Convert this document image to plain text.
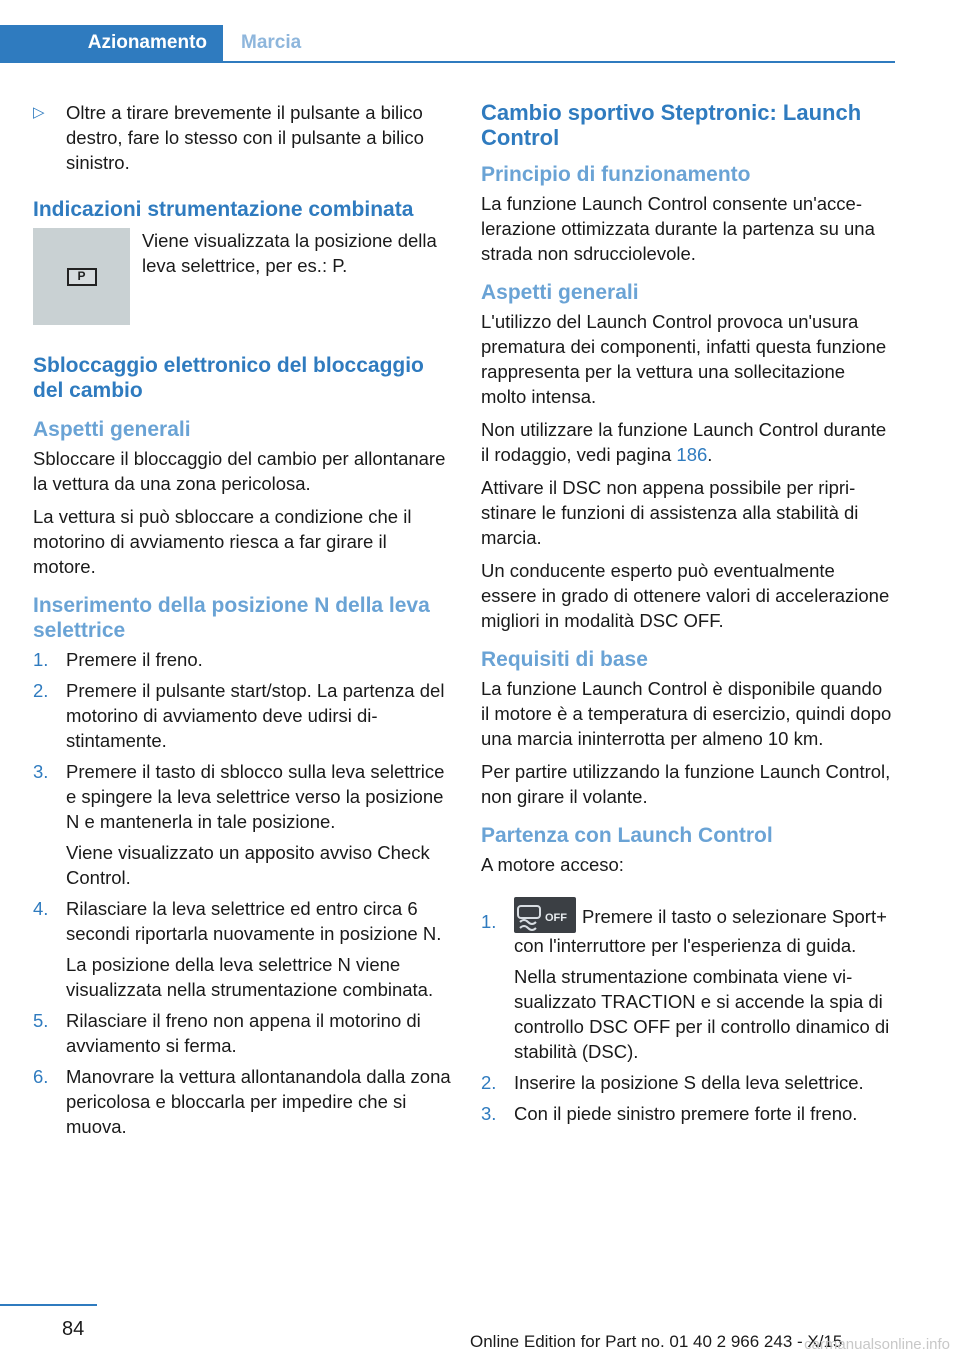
Azionamento Marcia
▷ Oltre a tirare brevemente il pulsante a bilico destro, fare lo stesso con il pulsante a bilico sinistro.
Indicazioni strumentazione combinata
P
Viene visualizzata la posizione della leva selettrice, per es.: P.
Sbloccaggio elettronico del bloccaggio del cambio
Aspetti generali

Sbloccare il bloccaggio del cambio per allontanare la vettura da una zona pericolosa.

La vettura si può sbloccare a condizione che il motorino di avviamento riesca a far girare il motore.

Inserimento della posizione N della leva selettrice
1. Premere il freno.

2. Premere il pulsante start/stop. La partenza del motorino di avviamento deve udirsi distintamente.

3. Premere il tasto di sblocco sulla leva selettrice e spingere la leva selettrice verso la posizione N e mantenerla in tale posizione.

Viene visualizzato un apposito avviso Check Control.

4. Rilasciare la leva selettrice ed entro circa 6 secondi riportarla nuovamente in posizione N.

La posizione della leva selettrice N viene visualizzata nella strumentazione combinata.

5. Rilasciare il freno non appena il motorino di avviamento si ferma.

6. Manovrare la vettura allontanandola dalla zona pericolosa e bloccarla per impedire che si muova.

Cambio sportivo Steptronic: Launch Control
Principio di funzionamento

La funzione Launch Control consente un'accelerazione ottimizzata durante la partenza su una strada non sdrucciolevole.

Aspetti generali

L'utilizzo del Launch Control provoca un'usura prematura dei componenti, infatti questa funzione rappresenta per la vettura una sollecitazione molto intensa.

Non utilizzare la funzione Launch Control durante il rodaggio, vedi pagina 186.

Attivare il DSC non appena possibile per ripristinare le funzioni di assistenza alla stabilità di marcia.

Un conducente esperto può eventualmente essere in grado di ottenere valori di accelerazione migliori in modalità DSC OFF.

Requisiti di base

La funzione Launch Control è disponibile quando il motore è a temperatura di esercizio, quindi dopo una marcia ininterrotta per almeno 10 km.

Per partire utilizzando la funzione Launch Control, non girare il volante.

Partenza con Launch Control

A motore acceso:

1.	OFF Premere il tasto o selezionare Sport+ con l'interruttore per l'esperienza di guida.

Nella strumentazione combinata viene visualizzato TRACTION e si accende la spia di controllo DSC OFF per il controllo dinamico di stabilità (DSC).

2. Inserire la posizione S della leva selettrice.

3. Con il piede sinistro premere forte il freno.

84
Online Edition for Part no. 01 40 2 966 243 - X/15
carmanualsonline.info
